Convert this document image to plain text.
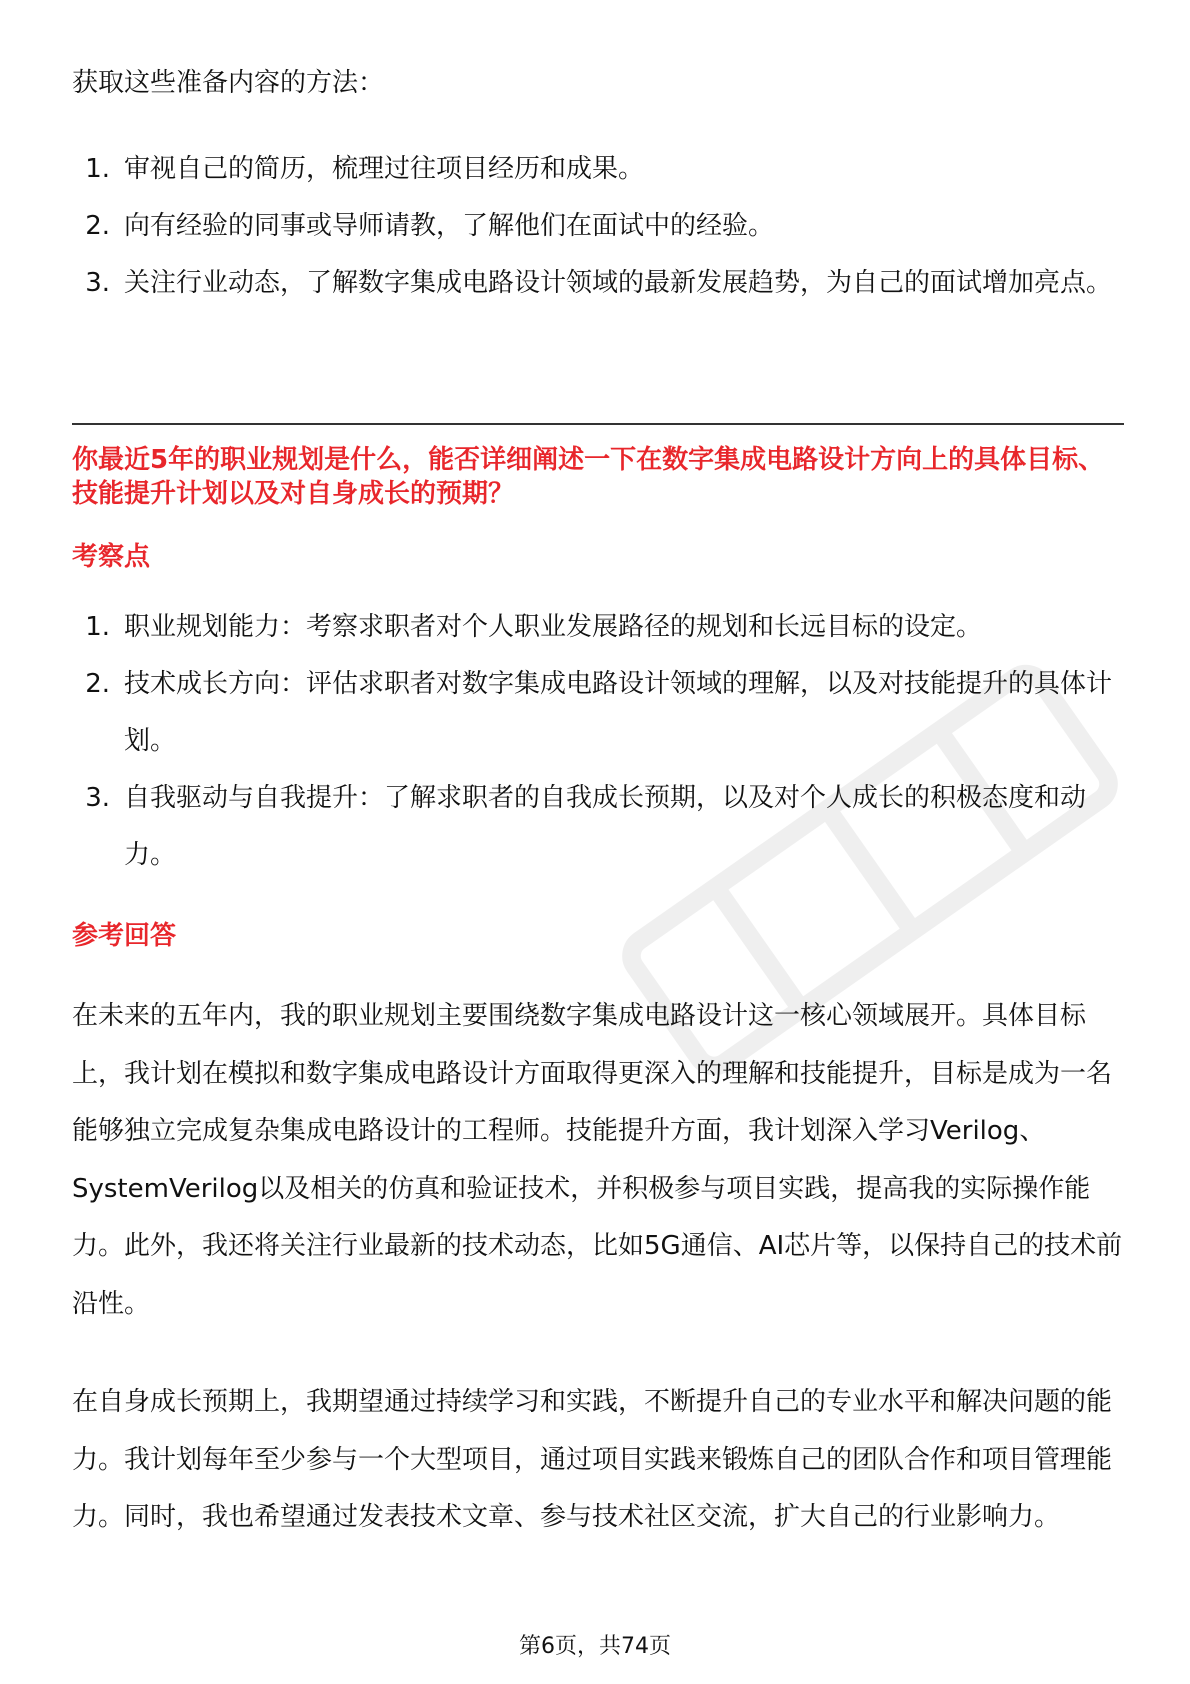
获取这些准备内容的方法：

1. 审视自己的简历，梳理过往项目经历和成果。
2. 向有经验的同事或导师请教，了解他们在面试中的经验。
3. 关注行业动态，了解数字集成电路设计领域的最新发展趋势，为自己的面试增加亮点。

你最近5年的职业规划是什么，能否详细阐述一下在数字集成电路设计方向上的具体目标、技能提升计划以及对自身成长的预期？

考察点
1. 职业规划能力：考察求职者对个人职业发展路径的规划和长远目标的设定。
2. 技术成长方向：评估求职者对数字集成电路设计领域的理解，以及对技能提升的具体计划。
3. 自我驱动与自我提升：了解求职者的自我成长预期，以及对个人成长的积极态度和动力。
参考回答

在未来的五年内，我的职业规划主要围绕数字集成电路设计这一核心领域展开。具体目标上，我计划在模拟和数字集成电路设计方面取得更深入的理解和技能提升，目标是成为一名能够独立完成复杂集成电路设计的工程师。技能提升方面，我计划深入学习Verilog、SystemVerilog以及相关的仿真和验证技术，并积极参与项目实践，提高我的实际操作能力。此外，我还将关注行业最新的技术动态，比如5G通信、AI芯片等，以保持自己的技术前沿性。

在自身成长预期上，我期望通过持续学习和实践，不断提升自己的专业水平和解决问题的能力。我计划每年至少参与一个大型项目，通过项目实践来锻炼自己的团队合作和项目管理能力。同时，我也希望通过发表技术文章、参与技术社区交流，扩大自己的行业影响力。

第6页，共74页
